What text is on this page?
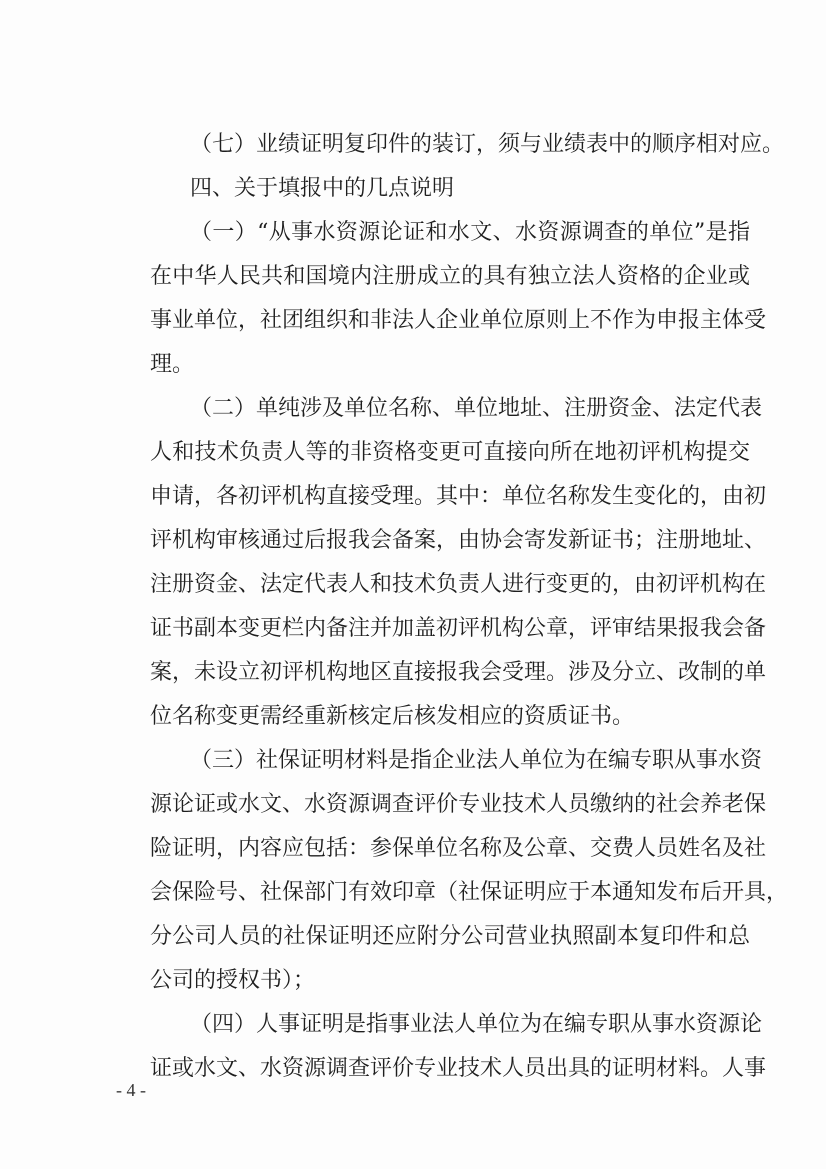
（七）业绩证明复印件的装订，须与业绩表中的顺序相对应。
四、关于填报中的几点说明
（一）“从事水资源论证和水文、水资源调查的单位”是指
在中华人民共和国境内注册成立的具有独立法人资格的企业或
事业单位，社团组织和非法人企业单位原则上不作为申报主体受
理。
（二）单纯涉及单位名称、单位地址、注册资金、法定代表
人和技术负责人等的非资格变更可直接向所在地初评机构提交
申请，各初评机构直接受理。其中：单位名称发生变化的，由初
评机构审核通过后报我会备案，由协会寄发新证书；注册地址、
注册资金、法定代表人和技术负责人进行变更的，由初评机构在
证书副本变更栏内备注并加盖初评机构公章，评审结果报我会备
案，未设立初评机构地区直接报我会受理。涉及分立、改制的单
位名称变更需经重新核定后核发相应的资质证书。
（三）社保证明材料是指企业法人单位为在编专职从事水资
源论证或水文、水资源调查评价专业技术人员缴纳的社会养老保
险证明，内容应包括：参保单位名称及公章、交费人员姓名及社
会保险号、社保部门有效印章（社保证明应于本通知发布后开具，
分公司人员的社保证明还应附分公司营业执照副本复印件和总
公司的授权书）；
（四）人事证明是指事业法人单位为在编专职从事水资源论
证或水文、水资源调查评价专业技术人员出具的证明材料。人事
- 4 -
